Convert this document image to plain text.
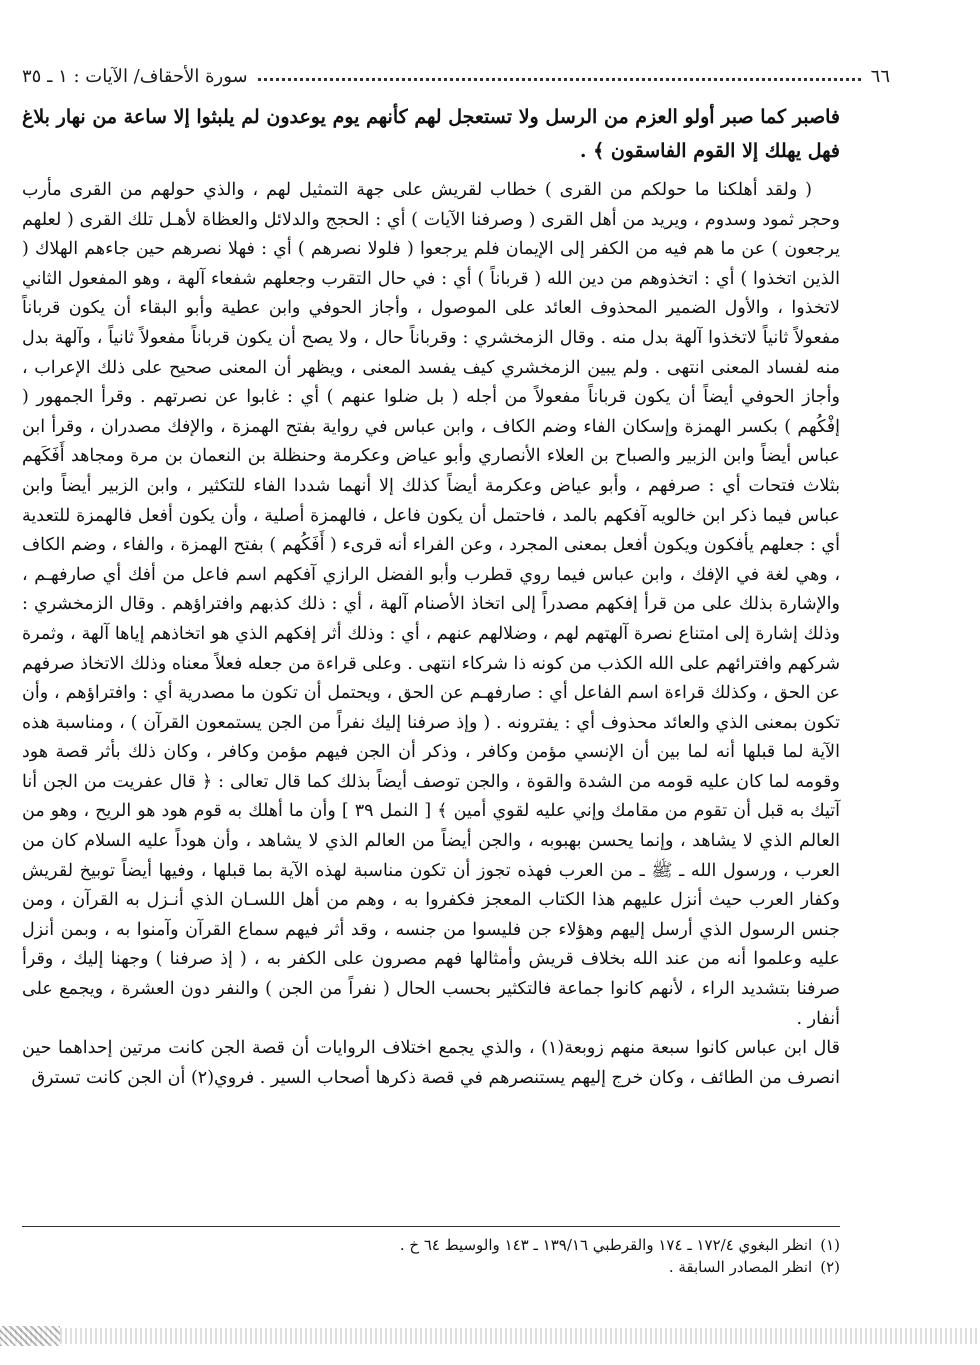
٦٦
سورة الأحقاف/ الآيات : ١ ـ ٣٥

فاصبر كما صبر أولو العزم من الرسل ولا تستعجل لهم كأنهم يوم يوعدون لم يلبثوا إلا ساعة من نهار بلاغ فهل يهلك إلا القوم الفاسقون ﴾ .

( ولقد أهلكنا ما حولكم من القرى ) خطاب لقريش على جهة التمثيل لهم ، والذي حولهم من القرى مأرب وحجر ثمود وسدوم ، ويريد من أهل القرى ( وصرفنا الآيات ) أي : الحجج والدلائل والعظاة لأهـل تلك القرى ( لعلهم يرجعون ) عن ما هم فيه من الكفر إلى الإيمان فلم يرجعوا ( فلولا نصرهم ) أي : فهلا نصرهم حين جاءهم الهلاك ( الذين اتخذوا ) أي : اتخذوهم من دين الله ( قرباناً ) أي : في حال التقرب وجعلهم شفعاء آلهة ، وهو المفعول الثاني لاتخذوا ، والأول الضمير المحذوف العائد على الموصول ، وأجاز الحوفي وابن عطية وأبو البقاء أن يكون قرباناً مفعولاً ثانياً لاتخذوا آلهة بدل منه . وقال الزمخشري : وقرباناً حال ، ولا يصح أن يكون قرباناً مفعولاً ثانياً ، وآلهة بدل منه لفساد المعنى انتهى . ولم يبين الزمخشري كيف يفسد المعنى ، ويظهر أن المعنى صحيح على ذلك الإعراب ، وأجاز الحوفي أيضاً أن يكون قرباناً مفعولاً من أجله ( بل ضلوا عنهم ) أي : غابوا عن نصرتهم . وقرأ الجمهور ( إفْكُهم ) بكسر الهمزة وإسكان الفاء وضم الكاف ، وابن عباس في رواية بفتح الهمزة ، والإفك مصدران ، وقرأ ابن عباس أيضاً وابن الزبير والصباح بن العلاء الأنصاري وأبو عياض وعكرمة وحنظلة بن النعمان بن مرة ومجاهد أَفَكَهم بثلاث فتحات أي : صرفهم ، وأبو عياض وعكرمة أيضاً كذلك إلا أنهما شددا الفاء للتكثير ، وابن الزبير أيضاً وابن عباس فيما ذكر ابن خالويه آفكهم بالمد ، فاحتمل أن يكون فاعل ، فالهمزة أصلية ، وأن يكون أفعل فالهمزة للتعدية أي : جعلهم يأفكون ويكون أفعل بمعنى المجرد ، وعن الفراء أنه قرىء ( أَفَكُهم ) بفتح الهمزة ، والفاء ، وضم الكاف ، وهي لغة في الإفك ، وابن عباس فيما روي قطرب وأبو الفضل الرازي آفكهم اسم فاعل من أفك أي صارفهـم ، والإشارة بذلك على من قرأ إفكهم مصدراً إلى اتخاذ الأصنام آلهة ، أي : ذلك كذبهم وافتراؤهم . وقال الزمخشري : وذلك إشارة إلى امتناع نصرة آلهتهم لهم ، وضلالهم عنهم ، أي : وذلك أثر إفكهم الذي هو اتخاذهم إياها آلهة ، وثمرة شركهم وافترائهم على الله الكذب من كونه ذا شركاء انتهى . وعلى قراءة من جعله فعلاً معناه وذلك الاتخاذ صرفهم عن الحق ، وكذلك قراءة اسم الفاعل أي : صارفهـم عن الحق ، ويحتمل أن تكون ما مصدرية أي : وافتراؤهم ، وأن تكون بمعنى الذي والعائد محذوف أي : يفترونه . ( وإذ صرفنا إليك نفراً من الجن يستمعون القرآن ) ، ومناسبة هذه الآية لما قبلها أنه لما بين أن الإنسي مؤمن وكافر ، وذكر أن الجن فيهم مؤمن وكافر ، وكان ذلك بأثر قصة هود وقومه لما كان عليه قومه من الشدة والقوة ، والجن توصف أيضاً بذلك كما قال تعالى : ﴿ قال عفريت من الجن أنا آتيك به قبل أن تقوم من مقامك وإني عليه لقوي أمين ﴾ [ النمل ٣٩ ] وأن ما أهلك به قوم هود هو الريح ، وهو من العالم الذي لا يشاهد ، وإنما يحسن بهبوبه ، والجن أيضاً من العالم الذي لا يشاهد ، وأن هوداً عليه السلام كان من العرب ، ورسول الله ـ ﷺ ـ من العرب فهذه تجوز أن تكون مناسبة لهذه الآية بما قبلها ، وفيها أيضاً توبيخ لقريش وكفار العرب حيث أنزل عليهم هذا الكتاب المعجز فكفروا به ، وهم من أهل اللسـان الذي أنـزل به القرآن ، ومن جنس الرسول الذي أرسل إليهم وهؤلاء جن فليسوا من جنسه ، وقد أثر فيهم سماع القرآن وآمنوا به ، وبمن أنزل عليه وعلموا أنه من عند الله بخلاف قريش وأمثالها فهم مصرون على الكفر به ، ( إذ صرفنا ) وجهنا إليك ، وقرأ صرفنا بتشديد الراء ، لأنهم كانوا جماعة فالتكثير بحسب الحال ( نفراً من الجن ) والنفر دون العشرة ، ويجمع على أنفار .

قال ابن عباس كانوا سبعة منهم زوبعة(١) ، والذي يجمع اختلاف الروايات أن قصة الجن كانت مرتين إحداهما حين انصرف من الطائف ، وكان خرج إليهم يستنصرهم في قصة ذكرها أصحاب السير . فروي(٢) أن الجن كانت تسترق

(١)انظر البغوي ١٧٢/٤ ـ ١٧٤ والقرطبي ١٣٩/١٦ ـ ١٤٣ والوسيط ٦٤ خ .

(٢)انظر المصادر السابقة .
